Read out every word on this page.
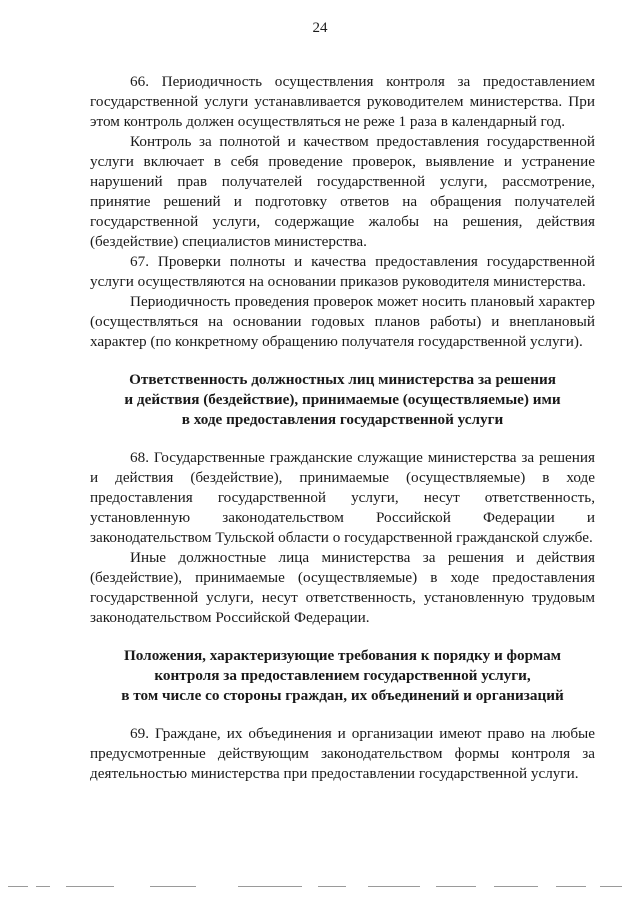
24

66. Периодичность осуществления контроля за предоставлением государственной услуги устанавливается руководителем министерства. При этом контроль должен осуществляться не реже 1 раза в календарный год.

Контроль за полнотой и качеством предоставления государственной услуги включает в себя проведение проверок, выявление и устранение нарушений прав получателей государственной услуги, рассмотрение, принятие решений и подготовку ответов на обращения получателей государственной услуги, содержащие жалобы на решения, действия (бездействие) специалистов министерства.

67. Проверки полноты и качества предоставления государственной услуги осуществляются на основании приказов руководителя министерства.

Периодичность проведения проверок может носить плановый характер (осуществляться на основании годовых планов работы) и внеплановый характер (по конкретному обращению получателя государственной услуги).

Ответственность должностных лиц министерства за решения
и действия (бездействие), принимаемые (осуществляемые) ими
в ходе предоставления государственной услуги

68. Государственные гражданские служащие министерства за решения и действия (бездействие), принимаемые (осуществляемые) в ходе предоставления государственной услуги, несут ответственность, установленную законодательством Российской Федерации и законодательством Тульской области о государственной гражданской службе.

Иные должностные лица министерства за решения и действия (бездействие), принимаемые (осуществляемые) в ходе предоставления государственной услуги, несут ответственность, установленную трудовым законодательством Российской Федерации.

Положения, характеризующие требования к порядку и формам
контроля за предоставлением государственной услуги,
в том числе со стороны граждан, их объединений и организаций

69. Граждане, их объединения и организации имеют право на любые предусмотренные действующим законодательством формы контроля за деятельностью министерства при предоставлении государственной услуги.
